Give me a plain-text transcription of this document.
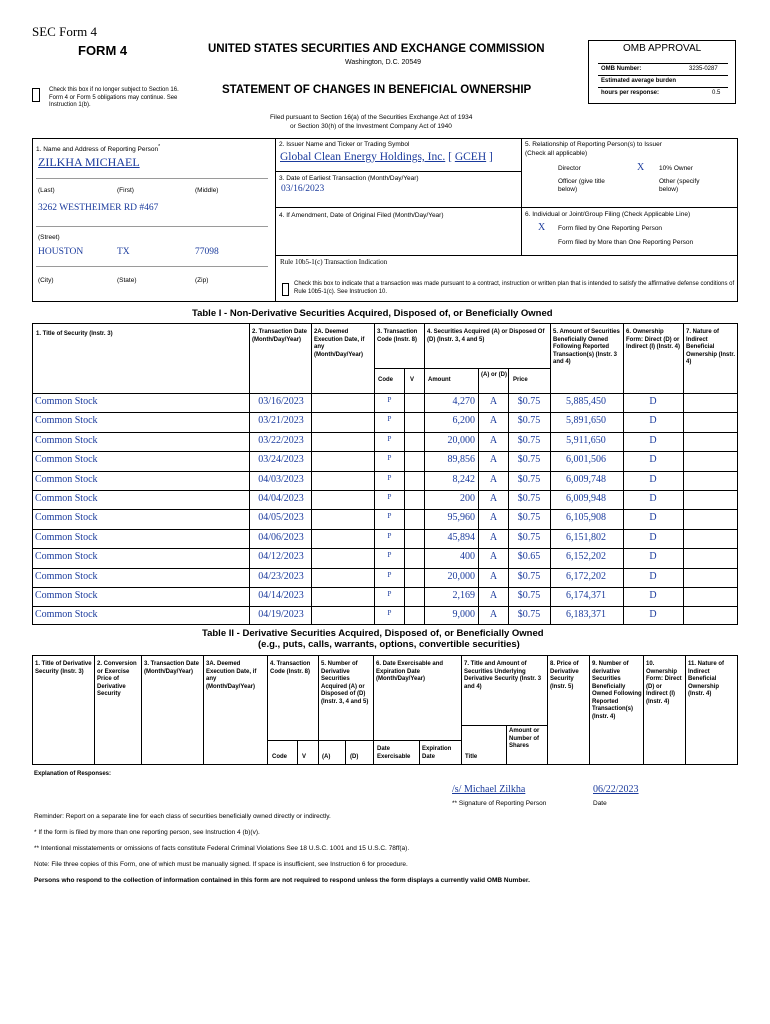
SEC Form 4
FORM 4	UNITED STATES SECURITIES AND EXCHANGE COMMISSION
Washington, D.C. 20549
STATEMENT OF CHANGES IN BENEFICIAL OWNERSHIP
Check this box if no longer subject to Section 16. Form 4 or Form 5 obligations may continue. See Instruction 1(b).
OMB APPROVAL
OMB Number:	3235-0287
Estimated average burden
hours per response:	0.5
Filed pursuant to Section 16(a) of the Securities Exchange Act of 1934
or Section 30(h) of the Investment Company Act of 1940
1. Name and Address of Reporting Person*
ZILKHA MICHAEL
(Last)	(First)	(Middle)
3262 WESTHEIMER RD #467
(Street)
HOUSTON	TX	77098
(City)	(State)	(Zip)
2. Issuer Name and Ticker or Trading Symbol
Global Clean Energy Holdings, Inc. [ GCEH ]
3. Date of Earliest Transaction (Month/Day/Year)
03/16/2023
4. If Amendment, Date of Original Filed (Month/Day/Year)
5. Relationship of Reporting Person(s) to Issuer
(Check all applicable)
Director	X 10% Owner
Officer (give title below)
Other (specify below)
6. Individual or Joint/Group Filing (Check Applicable Line)
X Form filed by One Reporting Person
Form filed by More than One Reporting Person
Rule 10b5-1(c) Transaction Indication
Check this box to indicate that a transaction was made pursuant to a contract, instruction or written plan that is intended to satisfy the affirmative defense conditions of Rule 10b5-1(c). See Instruction 10.
Table I - Non-Derivative Securities Acquired, Disposed of, or Beneficially Owned
1. Title of Security (Instr. 3)	2. Transaction Date (Month/Day/Year)
2A. Deemed Execution Date, if any (Month/Day/Year)
3. Transaction Code (Instr. 8)
4. Securities Acquired (A) or Disposed Of (D) (Instr. 3, 4 and 5)
5. Amount of Securities Beneficially Owned Following Reported Transaction(s) (Instr. 3 and 4)
6. Ownership Form: Direct (D) or Indirect (I) (Instr. 4)
7. Nature of Indirect Beneficial Ownership (Instr. 4)
Code	V Amount
(A) or (D)
Price
Common Stock	03/16/2023	P	4,270	A	$0.75	5,885,450	D
Common Stock	03/21/2023	P	6,200	A	$0.75	5,891,650	D
Common Stock	03/22/2023	P	20,000	A	$0.75	5,911,650	D
Common Stock	03/24/2023	P	89,856	A	$0.75	6,001,506	D
Common Stock	04/03/2023	P	8,242	A	$0.75	6,009,748	D
Common Stock	04/04/2023	P	200	A	$0.75	6,009,948	D
Common Stock	04/05/2023	P	95,960	A	$0.75	6,105,908	D
Common Stock	04/06/2023	P	45,894	A	$0.75	6,151,802	D
Common Stock	04/12/2023	P	400	A	$0.65	6,152,202	D
Common Stock	04/23/2023	P	20,000	A	$0.75	6,172,202	D
Common Stock	04/14/2023	P	2,169	A	$0.75	6,174,371	D
Common Stock	04/19/2023	P	9,000	A	$0.75	6,183,371	D
Table II - Derivative Securities Acquired, Disposed of, or Beneficially Owned
(e.g., puts, calls, warrants, options, convertible securities)
1. Title of Derivative Security (Instr. 3)
2. Conversion or Exercise Price of Derivative Security
3. Transaction Date (Month/Day/Year)
3A. Deemed Execution Date, if any (Month/Day/Year)
4. Transaction Code (Instr. 8)
5. Number of Derivative Securities Acquired (A) or Disposed of (D) (Instr. 3, 4 and 5)
6. Date Exercisable and Expiration Date (Month/Day/Year)
7. Title and Amount of Securities Underlying Derivative Security (Instr. 3 and 4)
8. Price of Derivative Security (Instr. 5)
9. Number of derivative Securities Beneficially Owned Following Reported Transaction(s) (Instr. 4)
10. Ownership Form: Direct (D) or Indirect (I) (Instr. 4)
11. Nature of Indirect Beneficial Ownership (Instr. 4)
Code	V	(A)	(D)
Date Exercisable
Expiration Date	Title
Amount or Number of Shares
Explanation of Responses:
/s/ Michael Zilkha	06/22/2023
** Signature of Reporting Person	Date
Reminder: Report on a separate line for each class of securities beneficially owned directly or indirectly.
* If the form is filed by more than one reporting person, see Instruction 4 (b)(v).
** Intentional misstatements or omissions of facts constitute Federal Criminal Violations See 18 U.S.C. 1001 and 15 U.S.C. 78ff(a).
Note: File three copies of this Form, one of which must be manually signed. If space is insufficient, see Instruction 6 for procedure.
Persons who respond to the collection of information contained in this form are not required to respond unless the form displays a currently valid OMB Number.
